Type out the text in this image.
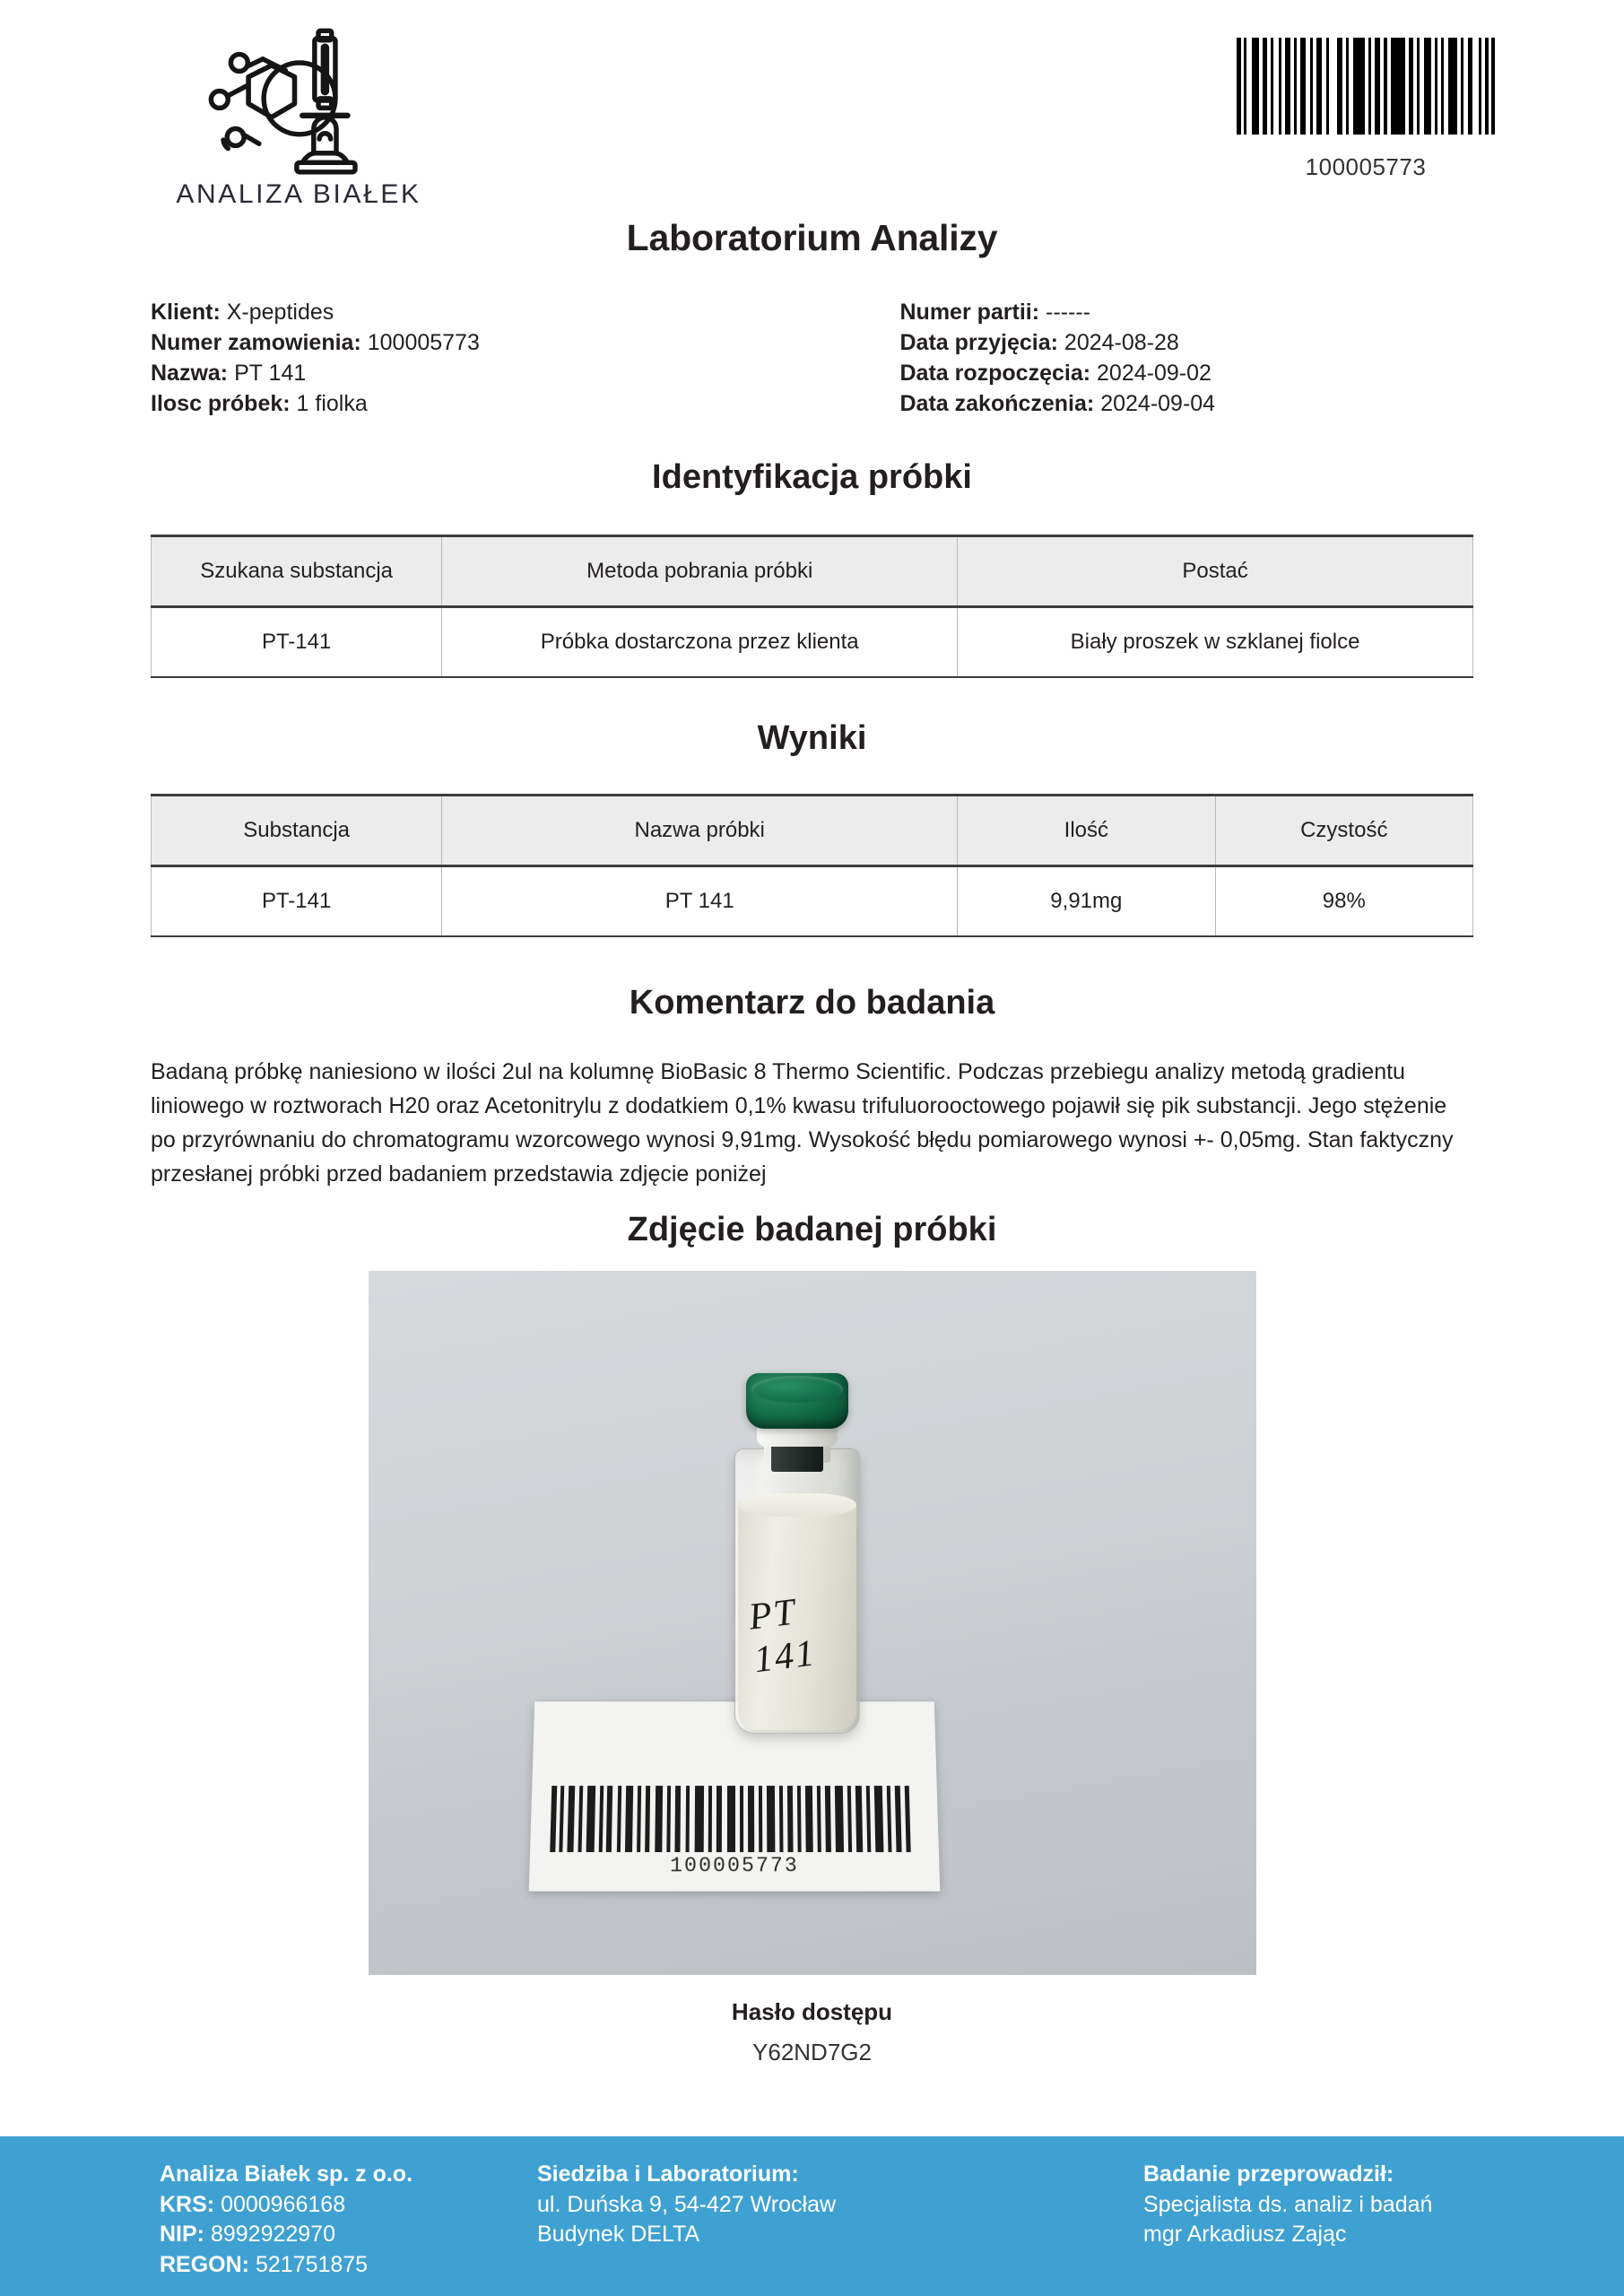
ANALIZA BIAŁEK
100005773
Laboratorium Analizy
Klient: X-peptides
Numer zamowienia: 100005773
Nazwa: PT 141
Ilosc próbek: 1 fiolka
Numer partii: ------
Data przyjęcia: 2024-08-28
Data rozpoczęcia: 2024-09-02
Data zakończenia: 2024-09-04
Identyfikacja próbki
Szukana substancja	Metoda pobrania próbki	Postać
PT-141	Próbka dostarczona przez klienta	Biały proszek w szklanej fiolce
Wyniki
Substancja	Nazwa próbki	Ilość	Czystość
PT-141	PT 141	9,91mg	98%
Komentarz do badania
Badaną próbkę naniesiono w ilości 2ul na kolumnę BioBasic 8 Thermo Scientific. Podczas przebiegu analizy metodą gradientu liniowego w roztworach H20 oraz Acetonitrylu z dodatkiem 0,1% kwasu trifuluorooctowego pojawił się pik substancji. Jego stężenie po przyrównaniu do chromatogramu wzorcowego wynosi 9,91mg. Wysokość błędu pomiarowego wynosi +- 0,05mg. Stan faktyczny przesłanej próbki przed badaniem przedstawia zdjęcie poniżej
Zdjęcie badanej próbki
100005773
PT 141
Hasło dostępu
Y62ND7G2
Analiza Białek sp. z o.o.
KRS: 0000966168
NIP: 8992922970
REGON: 521751875
Siedziba i Laboratorium:
ul. Duńska 9, 54-427 Wrocław
Budynek DELTA
Badanie przeprowadził:
Specjalista ds. analiz i badań
mgr Arkadiusz Zając
